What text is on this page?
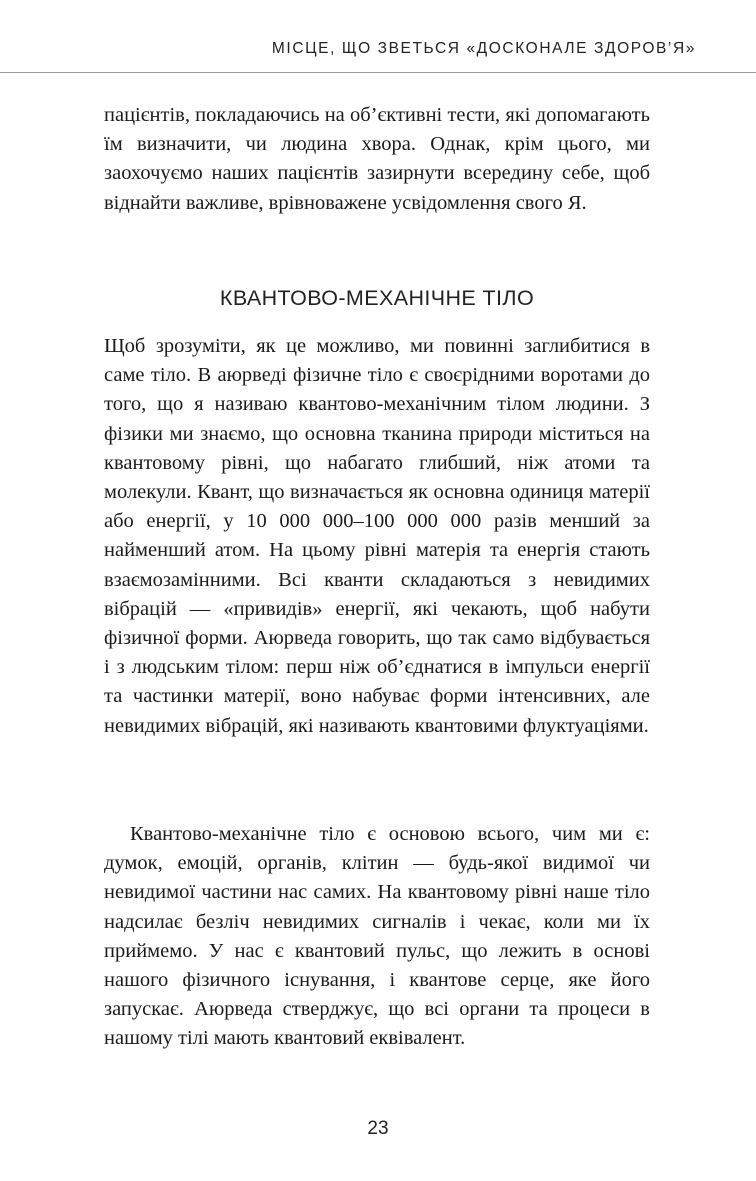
МІСЦЕ, ЩО ЗВЕТЬСЯ «ДОСКОНАЛЕ ЗДОРОВ’Я»

пацієнтів, покладаючись на об’єктивні тести, які допомагають їм визначити, чи людина хвора. Однак, крім цього, ми заохочуємо наших пацієнтів зазирнути всередину себе, щоб віднайти важливе, врівноважене усвідомлення свого Я.

КВАНТОВО-МЕХАНІЧНЕ ТІЛО

Щоб зрозуміти, як це можливо, ми повинні заглибитися в саме тіло. В аюрведі фізичне тіло є своєрідними воротами до того, що я називаю квантово-механічним тілом людини. З фізики ми знаємо, що основна тканина природи міститься на квантовому рівні, що набагато глибший, ніж атоми та молекули. Квант, що визначається як основна одиниця матерії або енергії, у 10 000 000–100 000 000 разів менший за найменший атом. На цьому рівні матерія та енергія стають взаємозамінними. Всі кванти складаються з невидимих вібрацій — «привидів» енергії, які чекають, щоб набути фізичної форми. Аюрведа говорить, що так само відбувається і з людським тілом: перш ніж об’єднатися в імпульси енергії та частинки матерії, воно набуває форми інтенсивних, але невидимих вібрацій, які називають квантовими флуктуаціями.

Квантово-механічне тіло є основою всього, чим ми є: думок, емоцій, органів, клітин — будь-якої видимої чи невидимої частини нас самих. На квантовому рівні наше тіло надсилає безліч невидимих сигналів і чекає, коли ми їх приймемо. У нас є квантовий пульс, що лежить в основі нашого фізичного існування, і квантове серце, яке його запускає. Аюрведа стверджує, що всі органи та процеси в нашому тілі мають квантовий еквівалент.

23
